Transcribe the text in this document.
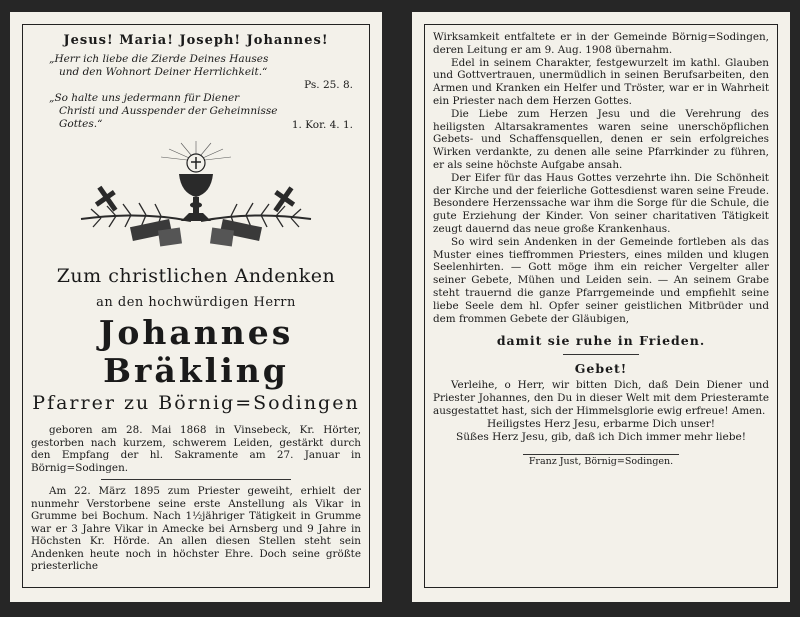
Jesus! Maria! Joseph! Johannes!
„Herr ich liebe die Zierde Deines Hauses
und den Wohnort Deiner Herrlichkeit.“
Ps. 25. 8.
„So halte uns jedermann für Diener
Christi und Ausspender der Geheimnisse
Gottes.“	1. Kor. 4. 1.
Zum christlichen Andenken
an den hochwürdigen Herrn
Johannes Bräkling
Pfarrer zu Börnig=Sodingen
geboren am 28. Mai 1868 in Vinsebeck, Kr. Hörter, gestorben nach kurzem, schwerem Leiden, gestärkt durch den Empfang der hl. Sakramente am 27. Januar in Börnig=Sodingen.
Am 22. März 1895 zum Priester geweiht, erhielt der nunmehr Verstorbene seine erste Anstellung als Vikar in Grumme bei Bochum. Nach 1½jähriger Tätigkeit in Grumme war er 3 Jahre Vikar in Amecke bei Arnsberg und 9 Jahre in Höchsten Kr. Hörde. An allen diesen Stellen steht sein Andenken heute noch in höchster Ehre. Doch seine größte priesterliche
Wirksamkeit entfaltete er in der Gemeinde Börnig=Sodingen, deren Leitung er am 9. Aug. 1908 übernahm.
Edel in seinem Charakter, festgewurzelt im kathl. Glauben und Gottvertrauen, unermüdlich in seinen Berufsarbeiten, den Armen und Kranken ein Helfer und Tröster, war er in Wahrheit ein Priester nach dem Herzen Gottes.
Die Liebe zum Herzen Jesu und die Verehrung des heiligsten Altarsakramentes waren seine unerschöpflichen Gebets- und Schaffensquellen, denen er sein erfolgreiches Wirken verdankte, zu denen alle seine Pfarrkinder zu führen, er als seine höchste Aufgabe ansah.
Der Eifer für das Haus Gottes verzehrte ihn. Die Schönheit der Kirche und der feierliche Gottesdienst waren seine Freude. Besondere Herzenssache war ihm die Sorge für die Schule, die gute Erziehung der Kinder. Von seiner charitativen Tätigkeit zeugt dauernd das neue große Krankenhaus.
So wird sein Andenken in der Gemeinde fortleben als das Muster eines tieffrommen Priesters, eines milden und klugen Seelenhirten. — Gott möge ihm ein reicher Vergelter aller seiner Gebete, Mühen und Leiden sein. — An seinem Grabe steht trauernd die ganze Pfarrgemeinde und empfiehlt seine liebe Seele dem hl. Opfer seiner geistlichen Mitbrüder und dem frommen Gebete der Gläubigen,
damit sie ruhe in Frieden.
Gebet!
Verleihe, o Herr, wir bitten Dich, daß Dein Diener und Priester Johannes, den Du in dieser Welt mit dem Priesteramte ausgestattet hast, sich der Himmelsglorie ewig erfreue! Amen.
Heiligstes Herz Jesu, erbarme Dich unser!
Süßes Herz Jesu, gib, daß ich Dich immer mehr liebe!
Franz Just, Börnig=Sodingen.
